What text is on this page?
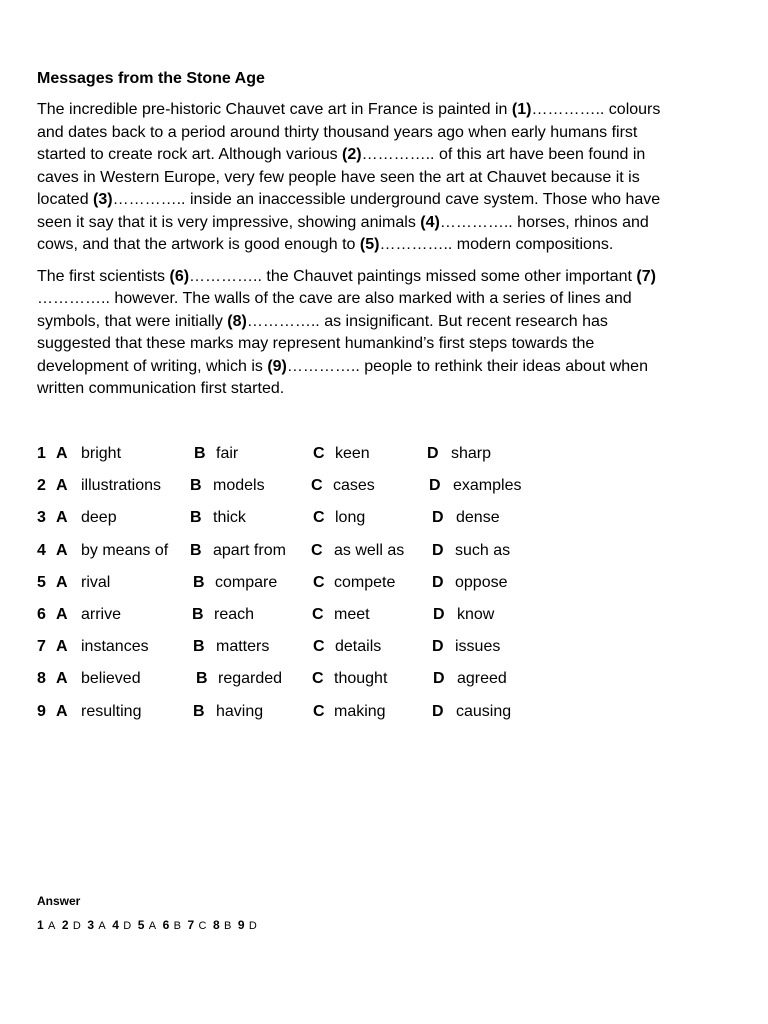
Messages from the Stone Age

The incredible pre-historic Chauvet cave art in France is painted in (1)………….. colours and dates back to a period around thirty thousand years ago when early humans first started to create rock art. Although various (2)………….. of this art have been found in caves in Western Europe, very few people have seen the art at Chauvet because it is located (3)………….. inside an inaccessible underground cave system. Those who have seen it say that it is very impressive, showing animals (4)………….. horses, rhinos and cows, and that the artwork is good enough to (5)………….. modern compositions.

The first scientists (6)………….. the Chauvet paintings missed some other important (7) ………….. however. The walls of the cave are also marked with a series of lines and symbols, that were initially (8)………….. as insignificant. But recent research has suggested that these marks may represent humankind’s first steps towards the development of writing, which is (9)………….. people to rethink their ideas about when written communication first started.

1 A bright	B fair	C keen	D sharp
2 A illustrations B models	C cases	D examples
3 A deep	B thick	C long	D dense
4 A by means of B apart from C as well as D such as
5 A rival	B compare C compete D oppose
6 A arrive	B reach	C meet	D know
7 A instances	B matters	C details	D issues
8 A believed	B regarded C thought	D agreed
9 A resulting	B having	C making	D causing
Answer
1 A 2 D 3 A 4 D 5 A 6 B 7 C 8 B 9 D
